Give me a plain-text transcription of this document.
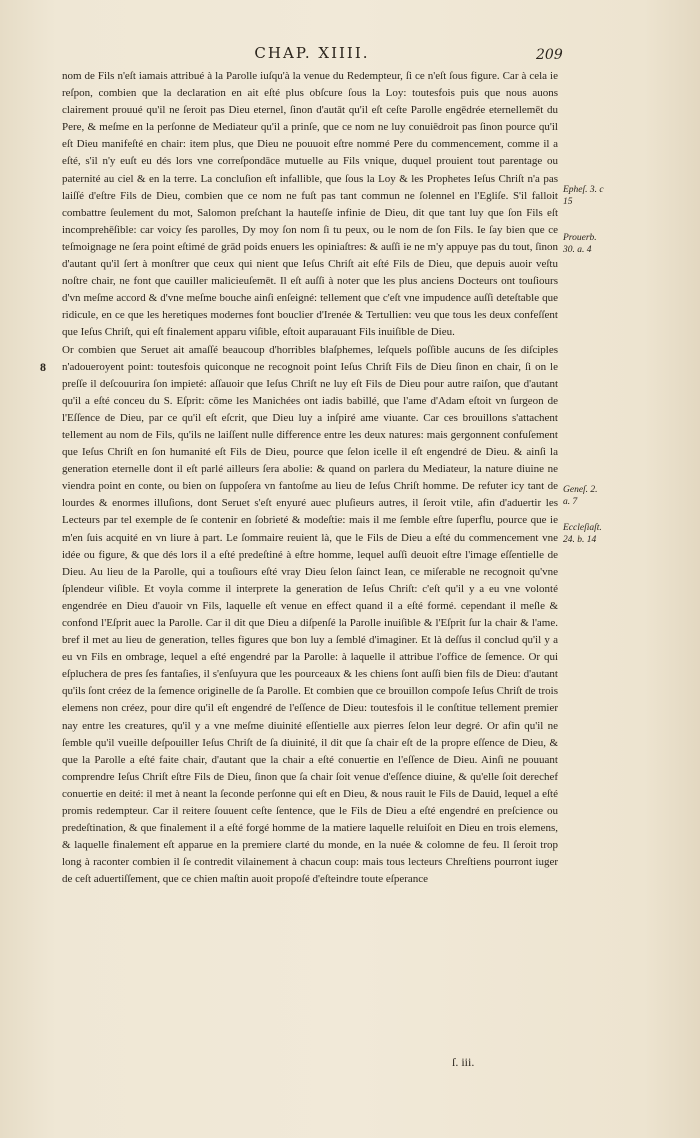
CHAP. XIIII.	209

nom de Fils n'eſt iamais attribué à la Parolle iuſqu'à la venue du Redempteur, ſi ce n'eſt ſous figure. Car à cela ie reſpon, combien que la declaration en ait eſté plus obſcure ſous la Loy: toutesfois puis que nous auons clairement prouué qu'il ne ſeroit pas Dieu eternel, ſinon d'autāt qu'il eſt ceſte Parolle engēdrée eternellemēt du Pere, & meſme en la perſonne de Mediateur qu'il a prinſe, que ce nom ne luy conuiēdroit pas ſinon pource qu'il eſt Dieu manifeſté en chair: item plus, que Dieu ne pouuoit eſtre nommé Pere du commencement, comme il a eſté, s'il n'y euſt eu dés lors vne correſpondāce mutuelle au Fils vnique, duquel prouient tout parentage ou paternité au ciel & en la terre. La concluſion eſt infallible, que ſous la Loy & les Prophetes Ieſus Chriſt n'a pas laiſſé d'eſtre Fils de Dieu, combien que ce nom ne fuſt pas tant commun ne ſolennel en l'Egliſe. S'il falloit combattre ſeulement du mot, Salomon preſchant la hauteſſe infinie de Dieu, dit que tant luy que ſon Fils eſt incomprehēſible: car voicy ſes parolles, Dy moy ſon nom ſi tu peux, ou le nom de ſon Fils. Ie ſay bien que ce teſmoignage ne ſera point eſtimé de grād poids enuers les opiniaſtres: & auſſi ie ne m'y appuye pas du tout, ſinon d'autant qu'il ſert à monſtrer que ceux qui nient que Ieſus Chriſt ait eſté Fils de Dieu, que depuis auoir veſtu noſtre chair, ne font que cauiller malicieuſemēt. Il eſt auſſi à noter que les plus anciens Docteurs ont touſiours d'vn meſme accord & d'vne meſme bouche ainſi enſeigné: tellement que c'eſt vne impudence auſſi deteſtable que ridicule, en ce que les heretiques modernes font bouclier d'Irenée & Tertullien: veu que tous les deux confeſſent que Ieſus Chriſt, qui eſt finalement apparu viſible, eſtoit auparauant Fils inuiſible de Dieu.

Or combien que Seruet ait amaſſé beaucoup d'horribles blaſphemes, leſquels poſſible aucuns de ſes diſciples n'adoueroyent point: toutesfois quiconque ne recognoit point Ieſus Chriſt Fils de Dieu ſinon en chair, ſi on le preſſe il deſcouurira ſon impieté: aſſauoir que Ieſus Chriſt ne luy eſt Fils de Dieu pour autre raiſon, que d'autant qu'il a eſté conceu du S. Eſprit: cōme les Manichées ont iadis babillé, que l'ame d'Adam eſtoit vn ſurgeon de l'Eſſence de Dieu, par ce qu'il eſt eſcrit, que Dieu luy a inſpiré ame viuante. Car ces brouillons s'attachent tellement au nom de Fils, qu'ils ne laiſſent nulle difference entre les deux natures: mais gergonnent confuſement que Ieſus Chriſt en ſon humanité eſt Fils de Dieu, pource que ſelon icelle il eſt engendré de Dieu. & ainſi la generation eternelle dont il eſt parlé ailleurs ſera abolie: & quand on parlera du Mediateur, la nature diuine ne viendra point en conte, ou bien on ſuppoſera vn fantoſme au lieu de Ieſus Chriſt homme. De refuter icy tant de lourdes & enormes illuſions, dont Seruet s'eſt enyuré auec pluſieurs autres, il ſeroit vtile, afin d'aduertir les Lecteurs par tel exemple de ſe contenir en ſobrieté & modeſtie: mais il me ſemble eſtre ſuperflu, pource que ie m'en ſuis acquité en vn liure à part. Le ſommaire reuient là, que le Fils de Dieu a eſté du commencement vne idée ou figure, & que dés lors il a eſté predeſtiné à eſtre homme, lequel auſſi deuoit eſtre l'image eſſentielle de Dieu. Au lieu de la Parolle, qui a touſiours eſté vray Dieu ſelon ſainct Iean, ce miſerable ne recognoit qu'vne ſplendeur viſible. Et voyla comme il interprete la generation de Ieſus Chriſt: c'eſt qu'il y a eu vne volonté engendrée en Dieu d'auoir vn Fils, laquelle eſt venue en effect quand il a eſté formé. cependant il meſle & confond l'Eſprit auec la Parolle. Car il dit que Dieu a diſpenſé la Parolle inuiſible & l'Eſprit ſur la chair & l'ame. bref il met au lieu de generation, telles figures que bon luy a ſemblé d'imaginer. Et là deſſus il conclud qu'il y a eu vn Fils en ombrage, lequel a eſté engendré par la Parolle: à laquelle il attribue l'office de ſemence. Or qui eſpluchera de pres ſes fantaſies, il s'enſuyura que les pourceaux & les chiens ſont auſſi bien fils de Dieu: d'autant qu'ils ſont créez de la ſemence originelle de ſa Parolle. Et combien que ce brouillon compoſe Ieſus Chriſt de trois elemens non créez, pour dire qu'il eſt engendré de l'eſſence de Dieu: toutesfois il le conſtitue tellement premier nay entre les creatures, qu'il y a vne meſme diuinité eſſentielle aux pierres ſelon leur degré. Or afin qu'il ne ſemble qu'il vueille deſpouiller Ieſus Chriſt de ſa diuinité, il dit que ſa chair eſt de la propre eſſence de Dieu, & que la Parolle a eſté faite chair, d'autant que la chair a eſté conuertie en l'eſſence de Dieu. Ainſi ne pouuant comprendre Ieſus Chriſt eſtre Fils de Dieu, ſinon que ſa chair ſoit venue d'eſſence diuine, & qu'elle ſoit derechef conuertie en deité: il met à neant la ſeconde perſonne qui eſt en Dieu, & nous rauit le Fils de Dauid, lequel a eſté promis redempteur. Car il reitere ſouuent ceſte ſentence, que le Fils de Dieu a eſté engendré en preſcience ou predeſtination, & que finalement il a eſté forgé homme de la matiere laquelle reluiſoit en Dieu en trois elemens, & laquelle finalement eſt apparue en la premiere clarté du monde, en la nuée & colomne de feu. Il ſeroit trop long à raconter combien il ſe contredit vilainement à chacun coup: mais tous lecteurs Chreſtiens pourront iuger de ceſt aduertiſſement, que ce chien maſtin auoit propoſé d'eſteindre toute eſperance

8
Epheſ. 3. c
15
Prouerb.
30. a. 4
Geneſ. 2.
a. 7
Eccleſiaſt.
24. b. 14
ſ. iii.
